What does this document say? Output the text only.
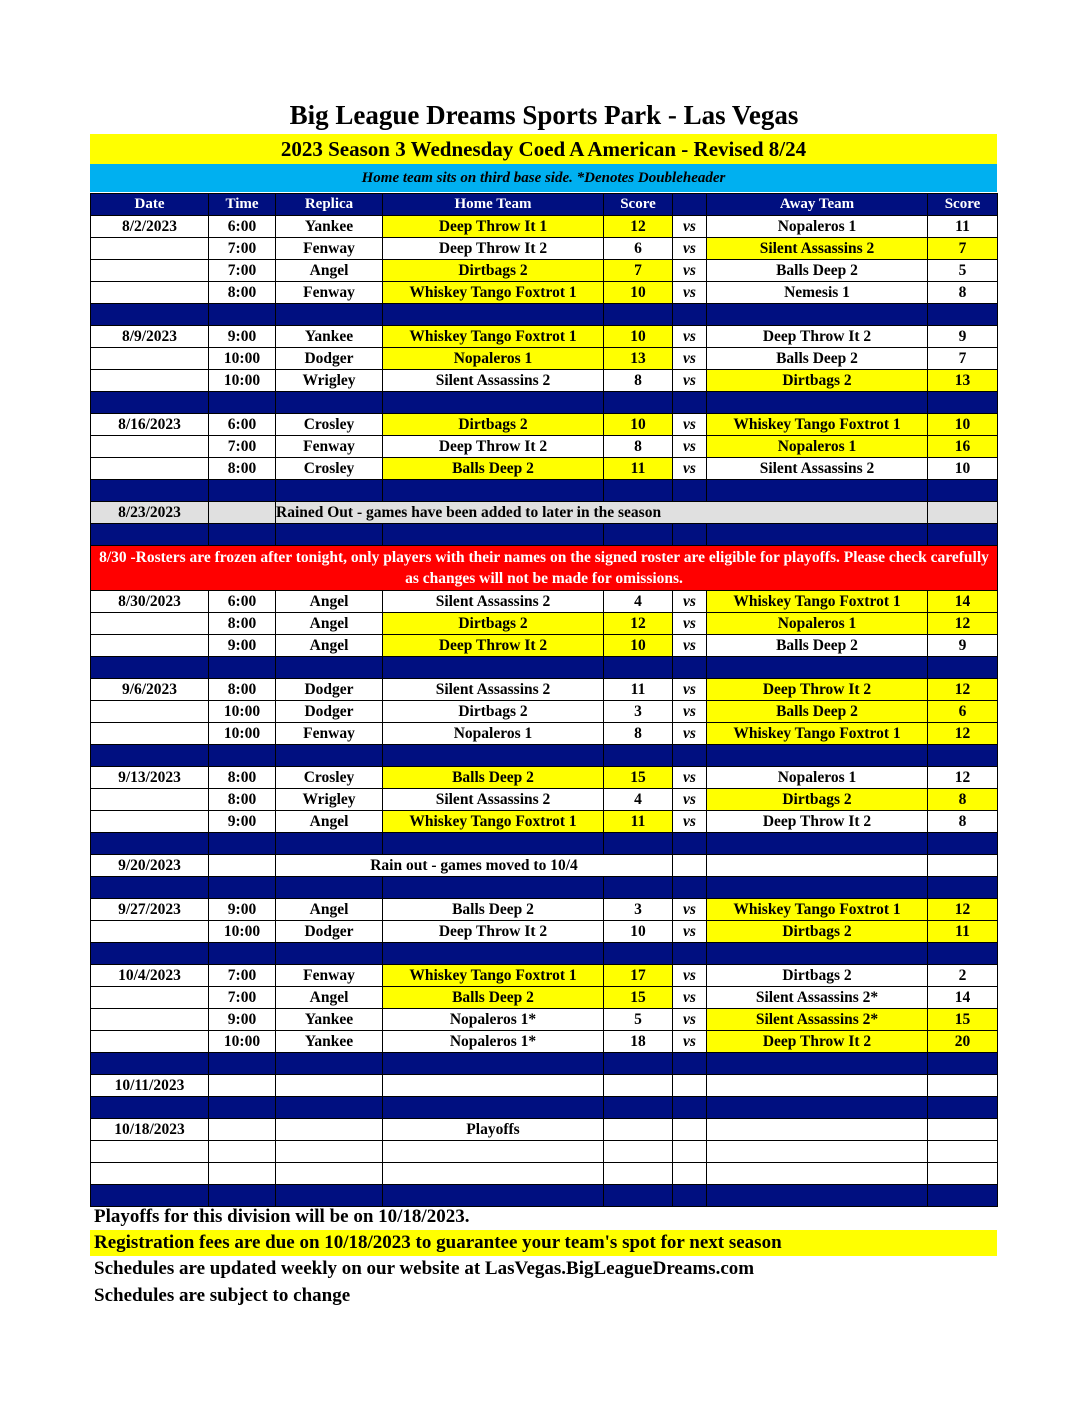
Big League Dreams Sports Park - Las Vegas
2023 Season 3 Wednesday Coed A American - Revised 8/24
Home team sits on third base side. *Denotes Doubleheader
Date	Time	Replica	Home Team	Score		Away Team	Score
8/2/2023	6:00	Yankee	Deep Throw It 1	12	vs	Nopaleros 1	11
	7:00	Fenway	Deep Throw It 2	6	vs	Silent Assassins 2	7
	7:00	Angel	Dirtbags 2	7	vs	Balls Deep 2	5
	8:00	Fenway	Whiskey Tango Foxtrot 1	10	vs	Nemesis 1	8

8/9/2023	9:00	Yankee	Whiskey Tango Foxtrot 1	10	vs	Deep Throw It 2	9
	10:00	Dodger	Nopaleros 1	13	vs	Balls Deep 2	7
	10:00	Wrigley	Silent Assassins 2	8	vs	Dirtbags 2	13

8/16/2023	6:00	Crosley	Dirtbags 2	10	vs	Whiskey Tango Foxtrot 1	10
	7:00	Fenway	Deep Throw It 2	8	vs	Nopaleros 1	16
	8:00	Crosley	Balls Deep 2	11	vs	Silent Assassins 2	10

8/23/2023		Rained Out - games have been added to later in the season					

8/30 -Rosters are frozen after tonight, only players with their names on the signed roster are eligible for playoffs. Please check carefully as changes will not be made for omissions.							
8/30/2023	6:00	Angel	Silent Assassins 2	4	vs	Whiskey Tango Foxtrot 1	14
	8:00	Angel	Dirtbags 2	12	vs	Nopaleros 1	12
	9:00	Angel	Deep Throw It 2	10	vs	Balls Deep 2	9

9/6/2023	8:00	Dodger	Silent Assassins 2	11	vs	Deep Throw It 2	12
	10:00	Dodger	Dirtbags 2	3	vs	Balls Deep 2	6
	10:00	Fenway	Nopaleros 1	8	vs	Whiskey Tango Foxtrot 1	12

9/13/2023	8:00	Crosley	Balls Deep 2	15	vs	Nopaleros 1	12
	8:00	Wrigley	Silent Assassins 2	4	vs	Dirtbags 2	8
	9:00	Angel	Whiskey Tango Foxtrot 1	11	vs	Deep Throw It 2	8

9/20/2023		Rain out - games moved to 10/4					

9/27/2023	9:00	Angel	Balls Deep 2	3	vs	Whiskey Tango Foxtrot 1	12
	10:00	Dodger	Deep Throw It 2	10	vs	Dirtbags 2	11

10/4/2023	7:00	Fenway	Whiskey Tango Foxtrot 1	17	vs	Dirtbags 2	2
	7:00	Angel	Balls Deep 2	15	vs	Silent Assassins 2*	14
	9:00	Yankee	Nopaleros 1*	5	vs	Silent Assassins 2*	15
	10:00	Yankee	Nopaleros 1*	18	vs	Deep Throw It 2	20

10/11/2023							

10/18/2023			Playoffs				

Playoffs for this division will be on 10/18/2023.
Registration fees are due on 10/18/2023 to guarantee your team's spot for next season
Schedules are updated weekly on our website at LasVegas.BigLeagueDreams.com
Schedules are subject to change
